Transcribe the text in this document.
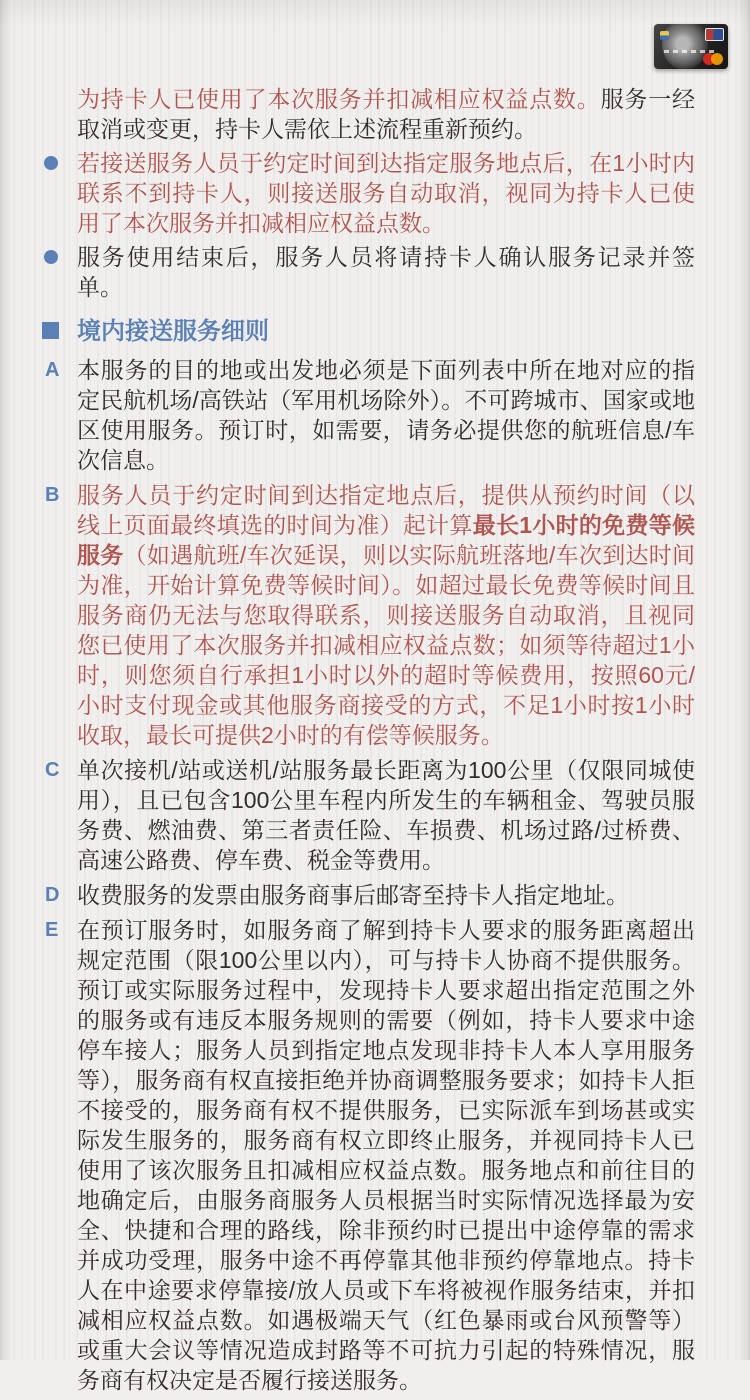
为持卡人已使用了本次服务并扣减相应权益点数。服务一经取消或变更，持卡人需依上述流程重新预约。
若接送服务人员于约定时间到达指定服务地点后，在1小时内联系不到持卡人，则接送服务自动取消，视同为持卡人已使用了本次服务并扣减相应权益点数。
服务使用结束后，服务人员将请持卡人确认服务记录并签单。
境内接送服务细则
A 本服务的目的地或出发地必须是下面列表中所在地对应的指定民航机场/高铁站（军用机场除外）。不可跨城市、国家或地区使用服务。预订时，如需要，请务必提供您的航班信息/车次信息。
B 服务人员于约定时间到达指定地点后，提供从预约时间（以线上页面最终填选的时间为准）起计算最长1小时的免费等候服务（如遇航班/车次延误，则以实际航班落地/车次到达时间为准，开始计算免费等候时间）。如超过最长免费等候时间且服务商仍无法与您取得联系，则接送服务自动取消，且视同您已使用了本次服务并扣减相应权益点数；如须等待超过1小时，则您须自行承担1小时以外的超时等候费用，按照60元/小时支付现金或其他服务商接受的方式，不足1小时按1小时收取，最长可提供2小时的有偿等候服务。
C 单次接机/站或送机/站服务最长距离为100公里（仅限同城使用），且已包含100公里车程内所发生的车辆租金、驾驶员服务费、燃油费、第三者责任险、车损费、机场过路/过桥费、高速公路费、停车费、税金等费用。
D 收费服务的发票由服务商事后邮寄至持卡人指定地址。
E 在预订服务时，如服务商了解到持卡人要求的服务距离超出规定范围（限100公里以内），可与持卡人协商不提供服务。预订或实际服务过程中，发现持卡人要求超出指定范围之外的服务或有违反本服务规则的需要（例如，持卡人要求中途停车接人；服务人员到指定地点发现非持卡人本人享用服务等），服务商有权直接拒绝并协商调整服务要求；如持卡人拒不接受的，服务商有权不提供服务，已实际派车到场甚或实际发生服务的，服务商有权立即终止服务，并视同持卡人已使用了该次服务且扣减相应权益点数。服务地点和前往目的地确定后，由服务商服务人员根据当时实际情况选择最为安全、快捷和合理的路线，除非预约时已提出中途停靠的需求并成功受理，服务中途不再停靠其他非预约停靠地点。持卡人在中途要求停靠接/放人员或下车将被视作服务结束，并扣减相应权益点数。如遇极端天气（红色暴雨或台风预警等）或重大会议等情况造成封路等不可抗力引起的特殊情况，服务商有权决定是否履行接送服务。
